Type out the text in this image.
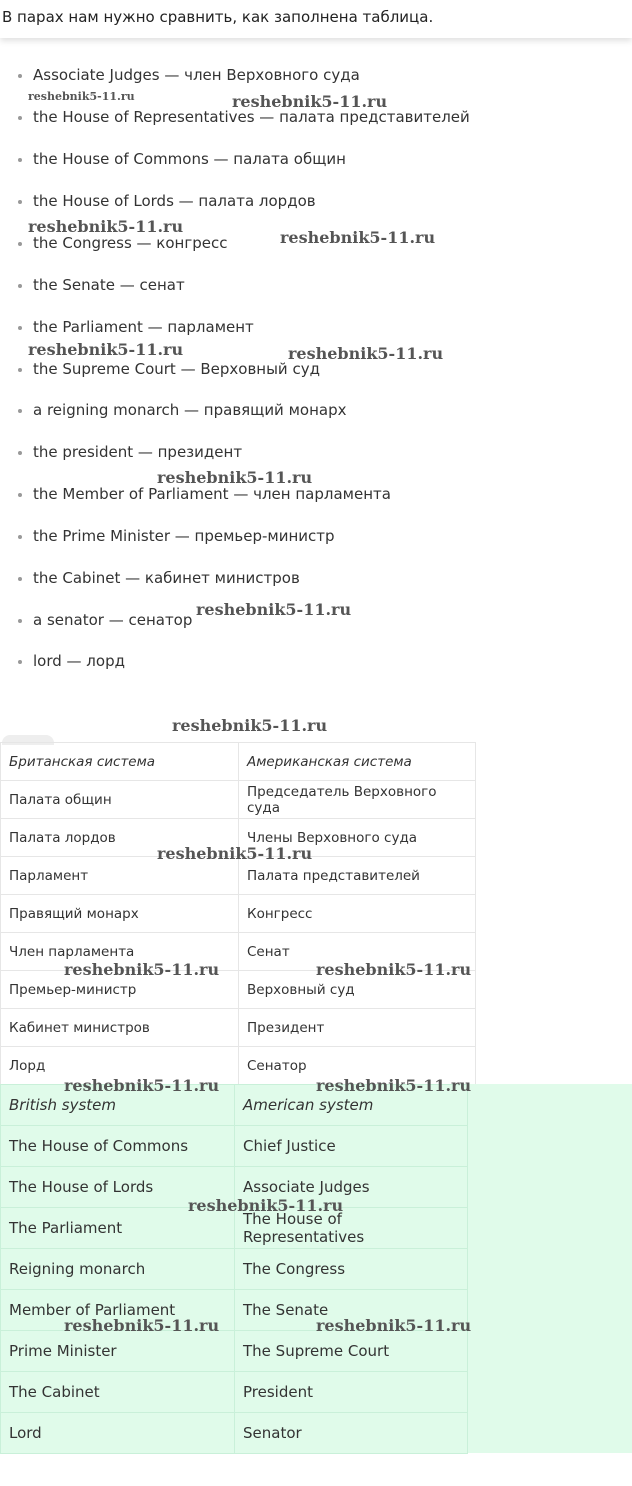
В парах нам нужно сравнить, как заполнена таблица.
Associate Judges — член Верховного суда
the House of Representatives — палата представителей
the House of Commons — палата общин
the House of Lords — палата лордов
the Congress — конгресс
the Senate — сенат
the Parliament — парламент
the Supreme Court — Верховный суд
a reigning monarch — правящий монарх
the president — президент
the Member of Parliament — член парламента
the Prime Minister — премьер-министр
the Cabinet — кабинет министров
a senator — сенатор
lord — лорд
Британская система	Американская система
Палата общин	Председатель Верховного суда
Палата лордов	Члены Верховного суда
Парламент	Палата представителей
Правящий монарх	Конгресс
Член парламента	Сенат
Премьер-министр	Верховный суд
Кабинет министров	Президент
Лорд	Сенатор
British system	American system
The House of Commons	Chief Justice
The House of Lords	Associate Judges
The Parliament	The House of Representatives
Reigning monarch	The Congress
Member of Parliament	The Senate
Prime Minister	The Supreme Court
The Cabinet	President
Lord	Senator
reshebnik5-11.ru	reshebnik5-11.ru
reshebnik5-11.ru
reshebnik5-11.ru
reshebnik5-11.ru	reshebnik5-11.ru
reshebnik5-11.ru
reshebnik5-11.ru
reshebnik5-11.ru
reshebnik5-11.ru
reshebnik5-11.ru	reshebnik5-11.ru
reshebnik5-11.ru	reshebnik5-11.ru
reshebnik5-11.ru
reshebnik5-11.ru	reshebnik5-11.ru
